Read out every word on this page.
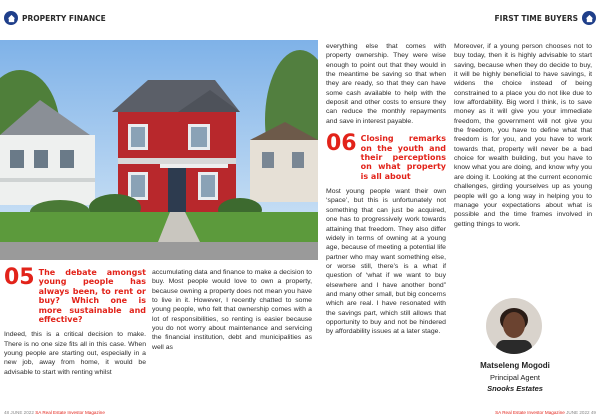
PROPERTY FINANCE	FIRST TIME BUYERS
05 The debate amongst young people has always been, to rent or buy? Which one is more sustainable and effective?

Indeed, this is a critical decision to make. There is no one size fits all in this case. When young people are starting out, especially in a new job, away from home, it would be advisable to start with renting whilst

accumulating data and finance to make a decision to buy. Most people would love to own a property, because owning a property does not mean you have to live in it. However, I recently chatted to some young people, who felt that ownership comes with a lot of responsibilities, so renting is easier because you do not worry about maintenance and servicing the financial institution, debt and municipalities as well as

everything else that comes with property ownership. They were wise enough to point out that they would in the meantime be saving so that when they are ready, so that they can have some cash available to help with the deposit and other costs to ensure they can reduce the monthly repayments and save in interest payable.

06 Closing remarks on the youth and their perceptions on what property is all about

Most young people want their own ‘space’, but this is unfortunately not something that can just be acquired, one has to progressively work towards attaining that freedom. They also differ widely in terms of owning at a young age, because of meeting a potential life partner who may want something else, or worse still, there’s is a what if question of ‘what if we want to buy elsewhere and I have another bond” and many other small, but big concerns which are real. I have resonated with the savings part, which still allows that opportunity to buy and not be hindered by affordability issues at a later stage.

Moreover, if a young person chooses not to buy today, then it is highly advisable to start saving, because when they do decide to buy, it will be highly beneficial to have savings, it widens the choice instead of being constrained to a place you do not like due to low affordability. Big word I think, is to save money as it will give you your immediate freedom, the government will not give you the freedom, you have to define what that freedom is for you, and you have to work towards that, property will never be a bad choice for wealth building, but you have to know what you are doing, and know why you are doing it. Looking at the current economic challenges, girding yourselves up as young people will go a long way in helping you to manage your expectations about what is possible and the time frames involved in getting things to work.

Matseleng Mogodi
Principal Agent
Snooks Estates
48 JUNE 2022 SA Real Estate Investor Magazine	SA Real Estate Investor Magazine JUNE 2022 49
